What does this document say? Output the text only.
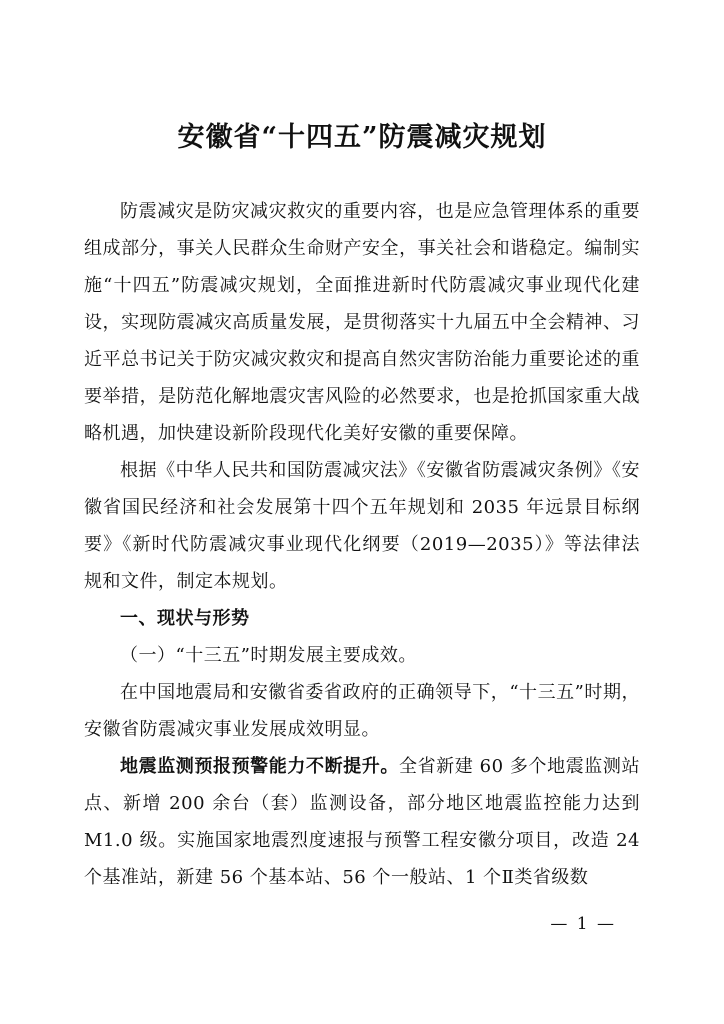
安徽省“十四五”防震减灾规划

防震减灾是防灾减灾救灾的重要内容，也是应急管理体系的重要组成部分，事关人民群众生命财产安全，事关社会和谐稳定。编制实施“十四五”防震减灾规划，全面推进新时代防震减灾事业现代化建设，实现防震减灾高质量发展，是贯彻落实十九届五中全会精神、习近平总书记关于防灾减灾救灾和提高自然灾害防治能力重要论述的重要举措，是防范化解地震灾害风险的必然要求，也是抢抓国家重大战略机遇，加快建设新阶段现代化美好安徽的重要保障。

根据《中华人民共和国防震减灾法》《安徽省防震减灾条例》《安徽省国民经济和社会发展第十四个五年规划和 2035 年远景目标纲要》《新时代防震减灾事业现代化纲要（2019—2035）》等法律法规和文件，制定本规划。

一、现状与形势

（一）“十三五”时期发展主要成效。

在中国地震局和安徽省委省政府的正确领导下，“十三五”时期，安徽省防震减灾事业发展成效明显。

地震监测预报预警能力不断提升。全省新建 60 多个地震监测站点、新增 200 余台（套）监测设备，部分地区地震监控能力达到 M1.0 级。实施国家地震烈度速报与预警工程安徽分项目，改造 24 个基准站，新建 56 个基本站、56 个一般站、1 个Ⅱ类省级数

— 1 —
